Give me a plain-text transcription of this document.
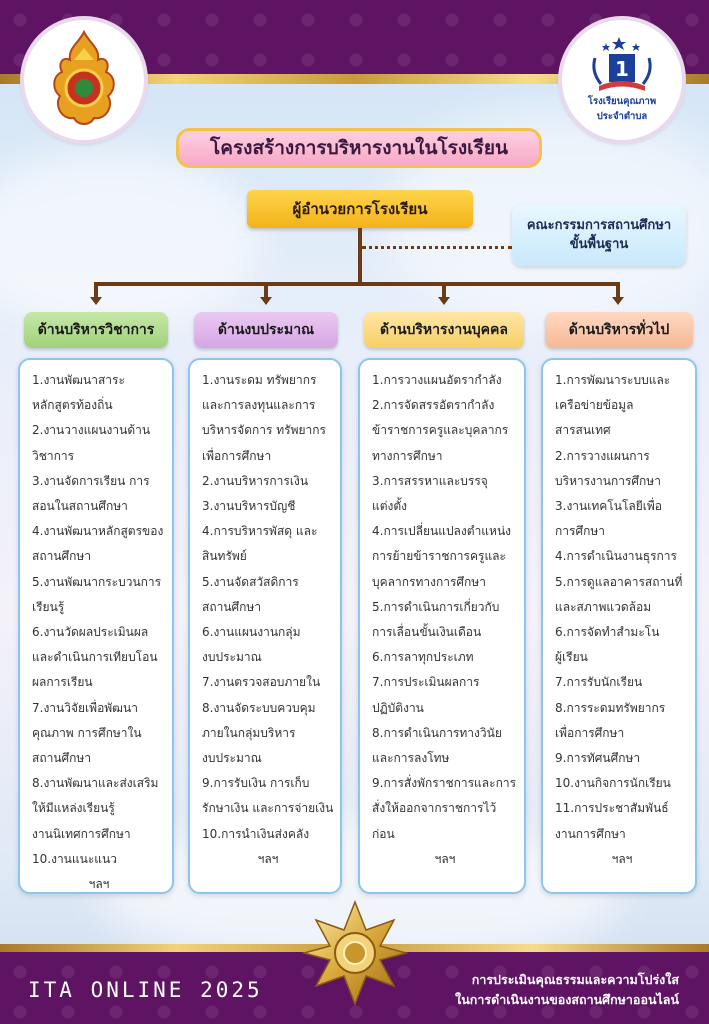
1
โรงเรียนคุณภาพ
ประจำตำบล
โครงสร้างการบริหารงานในโรงเรียน
ผู้อำนวยการโรงเรียน
คณะกรรมการสถานศึกษา
ขั้นพื้นฐาน
ด้านบริหารวิชาการ	ด้านงบประมาณ	ด้านบริหารงานบุคคล	ด้านบริหารทั่วไป
1.งานพัฒนาสาระ
หลักสูตรท้องถิ่น
2.งานวางแผนงานด้าน
วิชาการ
3.งานจัดการเรียน การ
สอนในสถานศึกษา
4.งานพัฒนาหลักสูตรของ
สถานศึกษา
5.งานพัฒนากระบวนการ
เรียนรู้
6.งานวัดผลประเมินผล
และดำเนินการเทียบโอน
ผลการเรียน
7.งานวิจัยเพื่อพัฒนา
คุณภาพ การศึกษาใน
สถานศึกษา
8.งานพัฒนาและส่งเสริม
ให้มีแหล่งเรียนรู้
งานนิเทศการศึกษา
10.งานแนะแนว
ฯลฯ
1.งานระดม ทรัพยากร
และการลงทุนและการ
บริหารจัดการ ทรัพยากร
เพื่อการศึกษา
2.งานบริหารการเงิน
3.งานบริหารบัญชี
4.การบริหารพัสดุ และ
สินทรัพย์
5.งานจัดสวัสดิการ
สถานศึกษา
6.งานแผนงานกลุ่ม
งบประมาณ
7.งานตรวจสอบภายใน
8.งานจัดระบบควบคุม
ภายในกลุ่มบริหาร
งบประมาณ
9.การรับเงิน การเก็บ
รักษาเงิน และการจ่ายเงิน
10.การนำเงินส่งคลัง
ฯลฯ
1.การวางแผนอัตรากำลัง
2.การจัดสรรอัตรากำลัง
ข้าราชการครูและบุคลากร
ทางการศึกษา
3.การสรรหาและบรรจุ
แต่งตั้ง
4.การเปลี่ยนแปลงตำแหน่ง
การย้ายข้าราชการครูและ
บุคลากรทางการศึกษา
5.การดำเนินการเกี่ยวกับ
การเลื่อนขั้นเงินเดือน
6.การลาทุกประเภท
7.การประเมินผลการ
ปฏิบัติงาน
8.การดำเนินการทางวินัย
และการลงโทษ
9.การสั่งพักราชการและการ
สั่งให้ออกจากราชการไว้
ก่อน
ฯลฯ
1.การพัฒนาระบบและ
เครือข่ายข้อมูล
สารสนเทศ
2.การวางแผนการ
บริหารงานการศึกษา
3.งานเทคโนโลยีเพื่อ
การศึกษา
4.การดำเนินงานธุรการ
5.การดูแลอาคารสถานที่
และสภาพแวดล้อม
6.การจัดทำสำมะโน
ผู้เรียน
7.การรับนักเรียน
8.การระดมทรัพยากร
เพื่อการศึกษา
9.การทัศนศึกษา
10.งานกิจการนักเรียน
11.การประชาสัมพันธ์
งานการศึกษา
ฯลฯ
ITA ONLINE 2025	การประเมินคุณธรรมและความโปร่งใส
ในการดำเนินงานของสถานศึกษาออนไลน์
